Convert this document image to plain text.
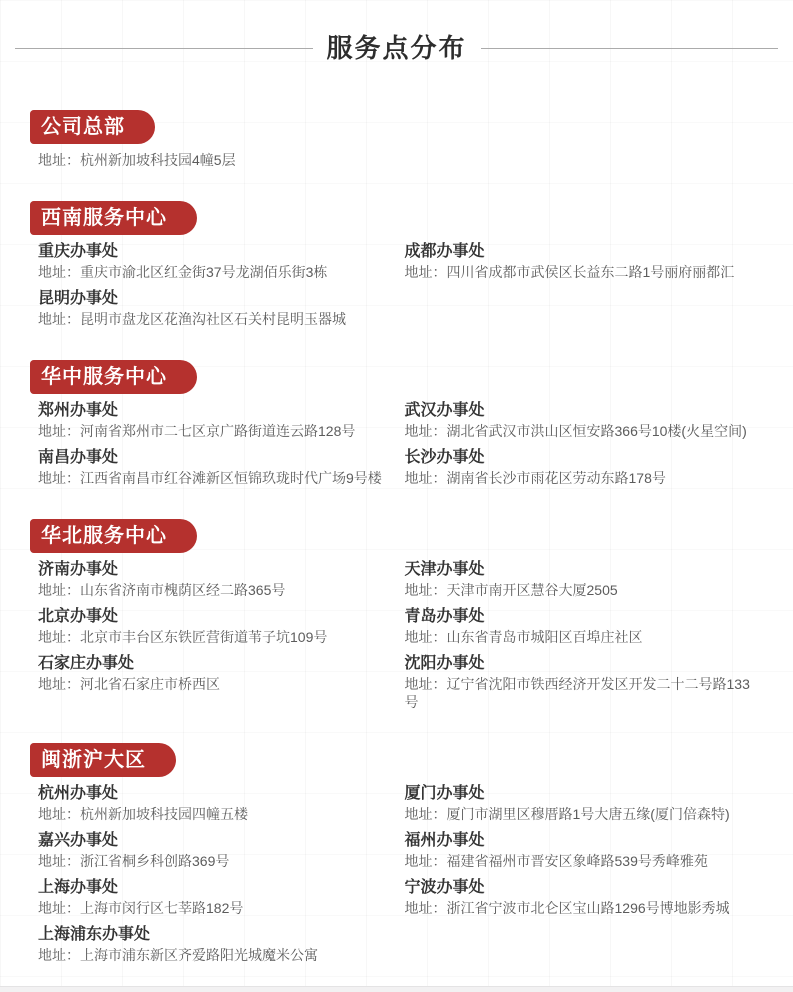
服务点分布
公司总部
地址：杭州新加坡科技园4幢5层
西南服务中心
重庆办事处
地址：重庆市渝北区红金街37号龙湖佰乐街3栋
昆明办事处
地址：昆明市盘龙区花渔沟社区石关村昆明玉器城
成都办事处
地址：四川省成都市武侯区长益东二路1号丽府丽都汇
华中服务中心
郑州办事处
地址：河南省郑州市二七区京广路街道连云路128号
南昌办事处
地址：江西省南昌市红谷滩新区恒锦玖珑时代广场9号楼
武汉办事处
地址：湖北省武汉市洪山区恒安路366号10楼(火星空间)
长沙办事处
地址：湖南省长沙市雨花区劳动东路178号
华北服务中心
济南办事处
地址：山东省济南市槐荫区经二路365号
北京办事处
地址：北京市丰台区东铁匠营街道苇子坑109号
石家庄办事处
地址：河北省石家庄市桥西区
天津办事处
地址：天津市南开区慧谷大厦2505
青岛办事处
地址：山东省青岛市城阳区百埠庄社区
沈阳办事处
地址：辽宁省沈阳市铁西经济开发区开发二十二号路133号
闽浙沪大区
杭州办事处
地址：杭州新加坡科技园四幢五楼
嘉兴办事处
地址：浙江省桐乡科创路369号
上海办事处
地址：上海市闵行区七莘路182号
上海浦东办事处
地址：上海市浦东新区齐爱路阳光城魔米公寓
厦门办事处
地址：厦门市湖里区穆厝路1号大唐五缘(厦门倍森特)
福州办事处
地址：福建省福州市晋安区象峰路539号秀峰雅苑
宁波办事处
地址：浙江省宁波市北仑区宝山路1296号博地影秀城
